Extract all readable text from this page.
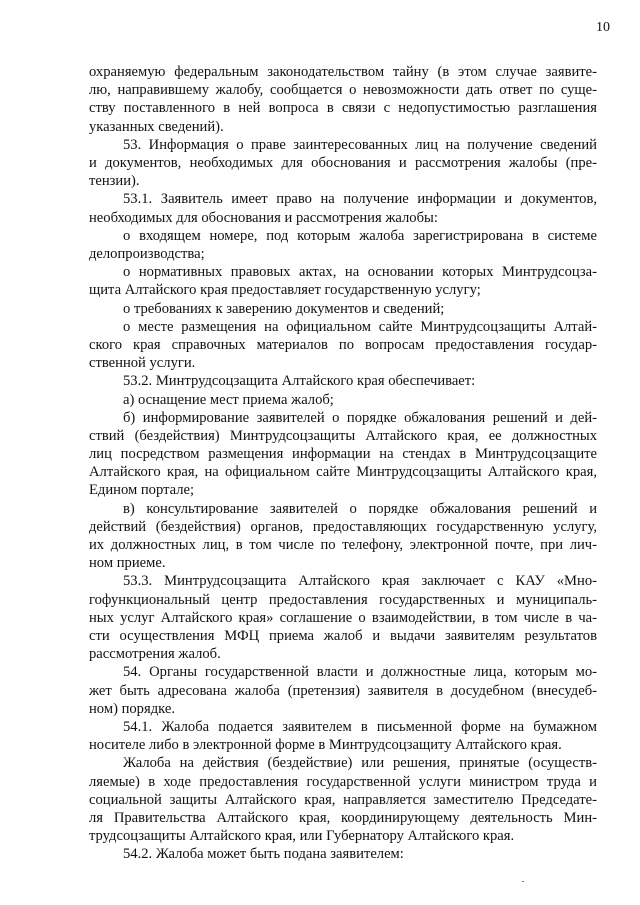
10
охраняемую федеральным законодательством тайну (в этом случае заявите-
лю, направившему жалобу, сообщается о невозможности дать ответ по суще-
ству поставленного в ней вопроса в связи с недопустимостью разглашения
указанных сведений).
53. Информация о праве заинтересованных лиц на получение сведений
и документов, необходимых для обоснования и рассмотрения жалобы (пре-
тензии).
53.1. Заявитель имеет право на получение информации и документов,
необходимых для обоснования и рассмотрения жалобы:
о входящем номере, под которым жалоба зарегистрирована в системе
делопроизводства;
о нормативных правовых актах, на основании которых Минтрудсоцза-
щита Алтайского края предоставляет государственную услугу;
о требованиях к заверению документов и сведений;
о месте размещения на официальном сайте Минтрудсоцзащиты Алтай-
ского края справочных материалов по вопросам предоставления государ-
ственной услуги.
53.2. Минтрудсоцзащита Алтайского края обеспечивает:
а) оснащение мест приема жалоб;
б) информирование заявителей о порядке обжалования решений и дей-
ствий (бездействия) Минтрудсоцзащиты Алтайского края, ее должностных
лиц посредством размещения информации на стендах в Минтрудсоцзащите
Алтайского края, на официальном сайте Минтрудсоцзащиты Алтайского края,
Едином портале;
в) консультирование заявителей о порядке обжалования решений и
действий (бездействия) органов, предоставляющих государственную услугу,
их должностных лиц, в том числе по телефону, электронной почте, при лич-
ном приеме.
53.3. Минтрудсоцзащита Алтайского края заключает с КАУ «Мно-
гофункциональный центр предоставления государственных и муниципаль-
ных услуг Алтайского края» соглашение о взаимодействии, в том числе в ча-
сти осуществления МФЦ приема жалоб и выдачи заявителям результатов
рассмотрения жалоб.
54. Органы государственной власти и должностные лица, которым мо-
жет быть адресована жалоба (претензия) заявителя в досудебном (внесудеб-
ном) порядке.
54.1. Жалоба подается заявителем в письменной форме на бумажном
носителе либо в электронной форме в Минтрудсоцзащиту Алтайского края.
Жалоба на действия (бездействие) или решения, принятые (осуществ-
ляемые) в ходе предоставления государственной услуги министром труда и
социальной защиты Алтайского края, направляется заместителю Председате-
ля Правительства Алтайского края, координирующему деятельность Мин-
трудсоцзащиты Алтайского края, или Губернатору Алтайского края.
54.2. Жалоба может быть подана заявителем:
